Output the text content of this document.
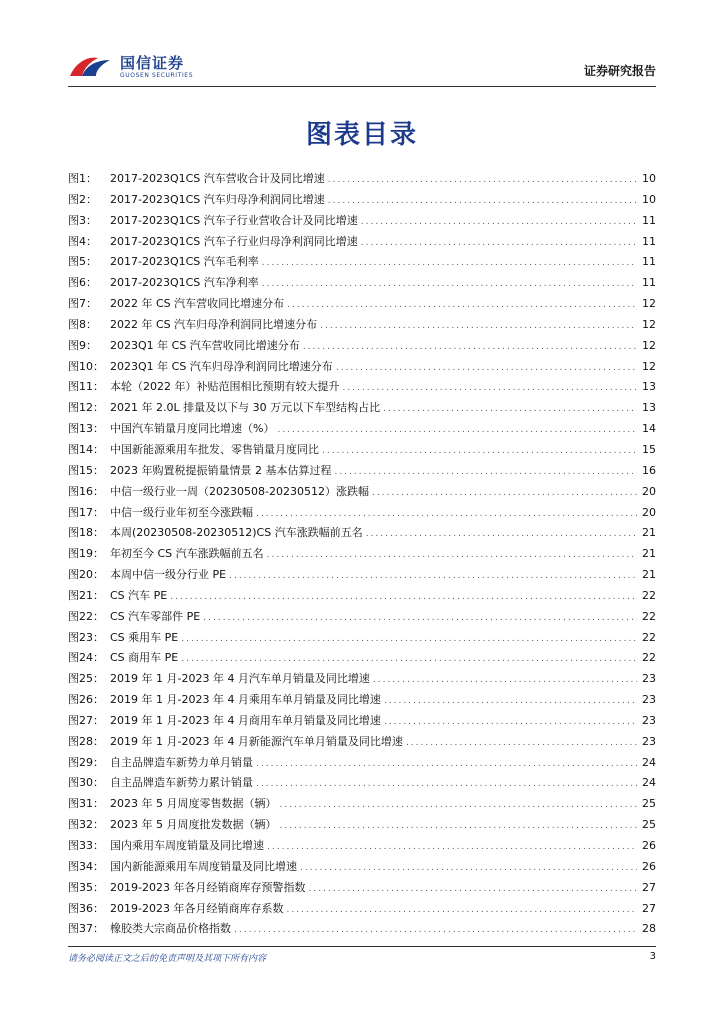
国信证券
GUOSEN SECURITIES	证券研究报告
图表目录
图1：	2017-2023Q1CS 汽车营收合计及同比增速 .....	10
图2：	2017-2023Q1CS 汽车归母净利润同比增速 .....	10
图3：	2017-2023Q1CS 汽车子行业营收合计及同比增速 .....	11
图4：	2017-2023Q1CS 汽车子行业归母净利润同比增速 .....	11
图5：	2017-2023Q1CS 汽车毛利率 .....	11
图6：	2017-2023Q1CS 汽车净利率 .....	11
图7：	2022 年 CS 汽车营收同比增速分布 .....	12
图8：	2022 年 CS 汽车归母净利润同比增速分布 .....	12
图9：	2023Q1 年 CS 汽车营收同比增速分布 .....	12
图10： 2023Q1 年 CS 汽车归母净利润同比增速分布 .....	12
图11： 本轮（2022 年）补贴范围相比预期有较大提升 .....	13
图12： 2021 年 2.0L 排量及以下与 30 万元以下车型结构占比 .....	13
图13： 中国汽车销量月度同比增速（%） .....	14
图14： 中国新能源乘用车批发、零售销量月度同比 .....	15
图15： 2023 年购置税提振销量情景 2 基本估算过程 .....	16
图16： 中信一级行业一周（20230508-20230512）涨跌幅 .....	20
图17： 中信一级行业年初至今涨跌幅 .....	20
图18： 本周(20230508-20230512)CS 汽车涨跌幅前五名 .....	21
图19： 年初至今 CS 汽车涨跌幅前五名 .....	21
图20： 本周中信一级分行业 PE .....	21
图21： CS 汽车 PE .....	22
图22： CS 汽车零部件 PE .....	22
图23： CS 乘用车 PE .....	22
图24： CS 商用车 PE .....	22
图25： 2019 年 1 月-2023 年 4 月汽车单月销量及同比增速 .....	23
图26： 2019 年 1 月-2023 年 4 月乘用车单月销量及同比增速 .....	23
图27： 2019 年 1 月-2023 年 4 月商用车单月销量及同比增速 .....	23
图28： 2019 年 1 月-2023 年 4 月新能源汽车单月销量及同比增速 .....	23
图29： 自主品牌造车新势力单月销量 .....	24
图30： 自主品牌造车新势力累计销量 .....	24
图31： 2023 年 5 月周度零售数据（辆） .....	25
图32： 2023 年 5 月周度批发数据（辆） .....	25
图33： 国内乘用车周度销量及同比增速 .....	26
图34： 国内新能源乘用车周度销量及同比增速 .....	26
图35： 2019-2023 年各月经销商库存预警指数 .....	27
图36： 2019-2023 年各月经销商库存系数 .....	27
图37： 橡胶类大宗商品价格指数 .....	28
请务必阅读正文之后的免责声明及其项下所有内容	3
